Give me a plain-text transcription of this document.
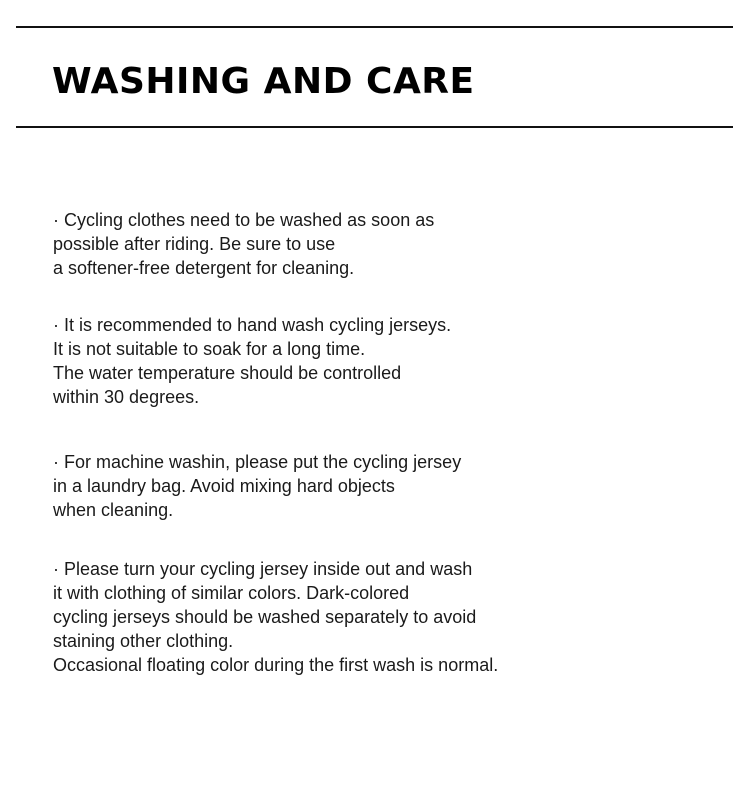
WASHING AND CARE
· Cycling clothes need to be washed as soon as
possible after riding. Be sure to use
a softener-free detergent for cleaning.
· It is recommended to hand wash cycling jerseys.
It is not suitable to soak for a long time.
The water temperature should be controlled
within 30 degrees.
· For machine washin, please put the cycling jersey
in a laundry bag. Avoid mixing hard objects
when cleaning.
· Please turn your cycling jersey inside out and wash
it with clothing of similar colors. Dark-colored
cycling jerseys should be washed separately to avoid
staining other clothing.
Occasional floating color during the first wash is normal.
